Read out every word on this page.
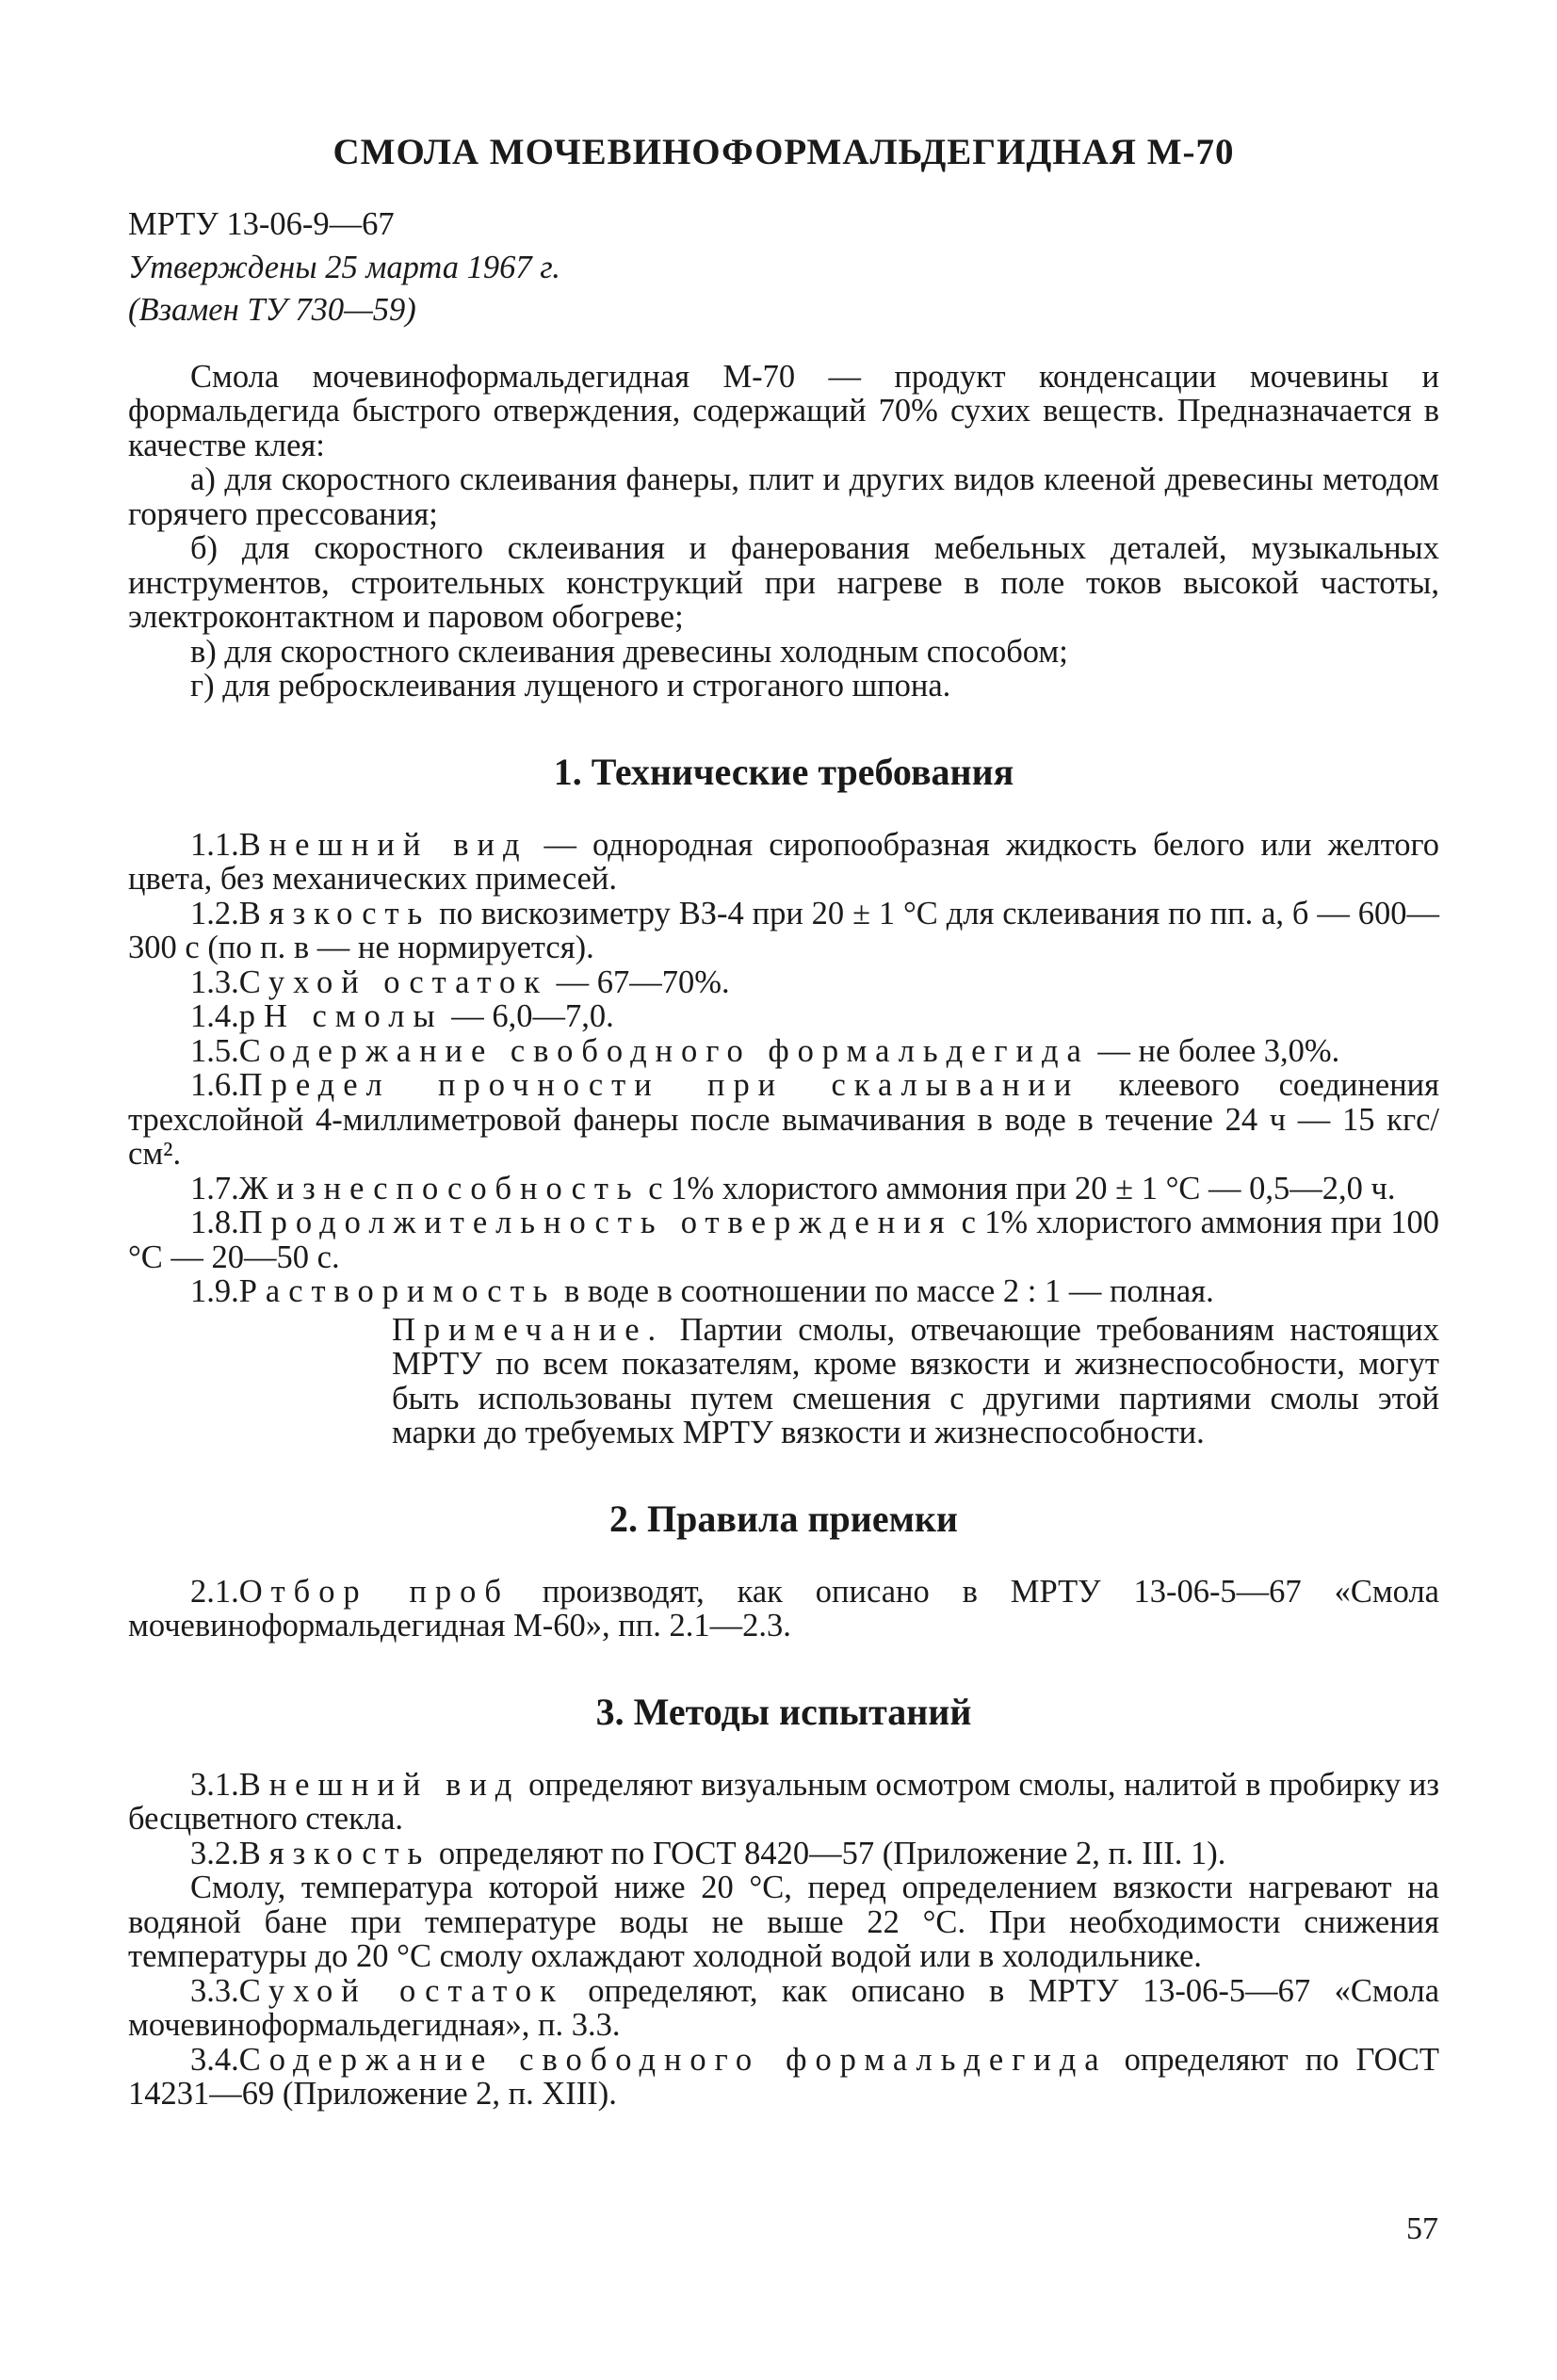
СМОЛА МОЧЕВИНОФОРМАЛЬДЕГИДНАЯ М-70

МРТУ 13-06-9—67

Утверждены 25 марта 1967 г.

(Взамен ТУ 730—59)

Смола мочевиноформальдегидная М-70 — продукт конденсации мочевины и формальдегида быстрого отверждения, содержащий 70% сухих веществ. Предназначается в качестве клея:

а) для скоростного склеивания фанеры, плит и других видов клееной древесины методом горячего прессования;

б) для скоростного склеивания и фанерования мебельных деталей, музыкальных инструментов, строительных конструкций при нагреве в поле токов высокой частоты, электроконтактном и паровом обогреве;

в) для скоростного склеивания древесины холодным способом;

г) для ребросклеивания лущеного и строганого шпона.

1. Технические требования

1.1.Внешний вид — однородная сиропообразная жидкость белого или желтого цвета, без механических примесей.

1.2.Вязкость по вискозиметру ВЗ-4 при 20 ± 1 °С для склеивания по пп. а, б — 600—300 с (по п. в — не нормируется).

1.3.Сухой остаток — 67—70%.

1.4.рН смолы — 6,0—7,0.

1.5.Содержание свободного формальдегида — не более 3,0%.

1.6.Предел прочности при скалывании клеевого соединения трехслойной 4-миллиметровой фанеры после вымачивания в воде в течение 24 ч — 15 кгс/см².

1.7.Жизнеспособность с 1% хлористого аммония при 20 ± 1 °С — 0,5—2,0 ч.

1.8.Продолжительность отверждения с 1% хлористого аммония при 100 °С — 20—50 с.

1.9.Растворимость в воде в соотношении по массе 2 : 1 — полная.

Примечание. Партии смолы, отвечающие требованиям настоящих МРТУ по всем показателям, кроме вязкости и жизнеспособности, могут быть использованы путем смешения с другими партиями смолы этой марки до требуемых МРТУ вязкости и жизнеспособности.

2. Правила приемки

2.1.Отбор проб производят, как описано в МРТУ 13-06-5—67 «Смола мочевиноформальдегидная М-60», пп. 2.1—2.3.

3. Методы испытаний

3.1.Внешний вид определяют визуальным осмотром смолы, налитой в пробирку из бесцветного стекла.

3.2.Вязкость определяют по ГОСТ 8420—57 (Приложение 2, п. III. 1).

Смолу, температура которой ниже 20 °С, перед определением вязкости нагревают на водяной бане при температуре воды не выше 22 °С. При необходимости снижения температуры до 20 °С смолу охлаждают холодной водой или в холодильнике.

3.3.Сухой остаток определяют, как описано в МРТУ 13-06-5—67 «Смола мочевиноформальдегидная», п. 3.3.

3.4.Содержание свободного формальдегида определяют по ГОСТ 14231—69 (Приложение 2, п. XIII).

57
